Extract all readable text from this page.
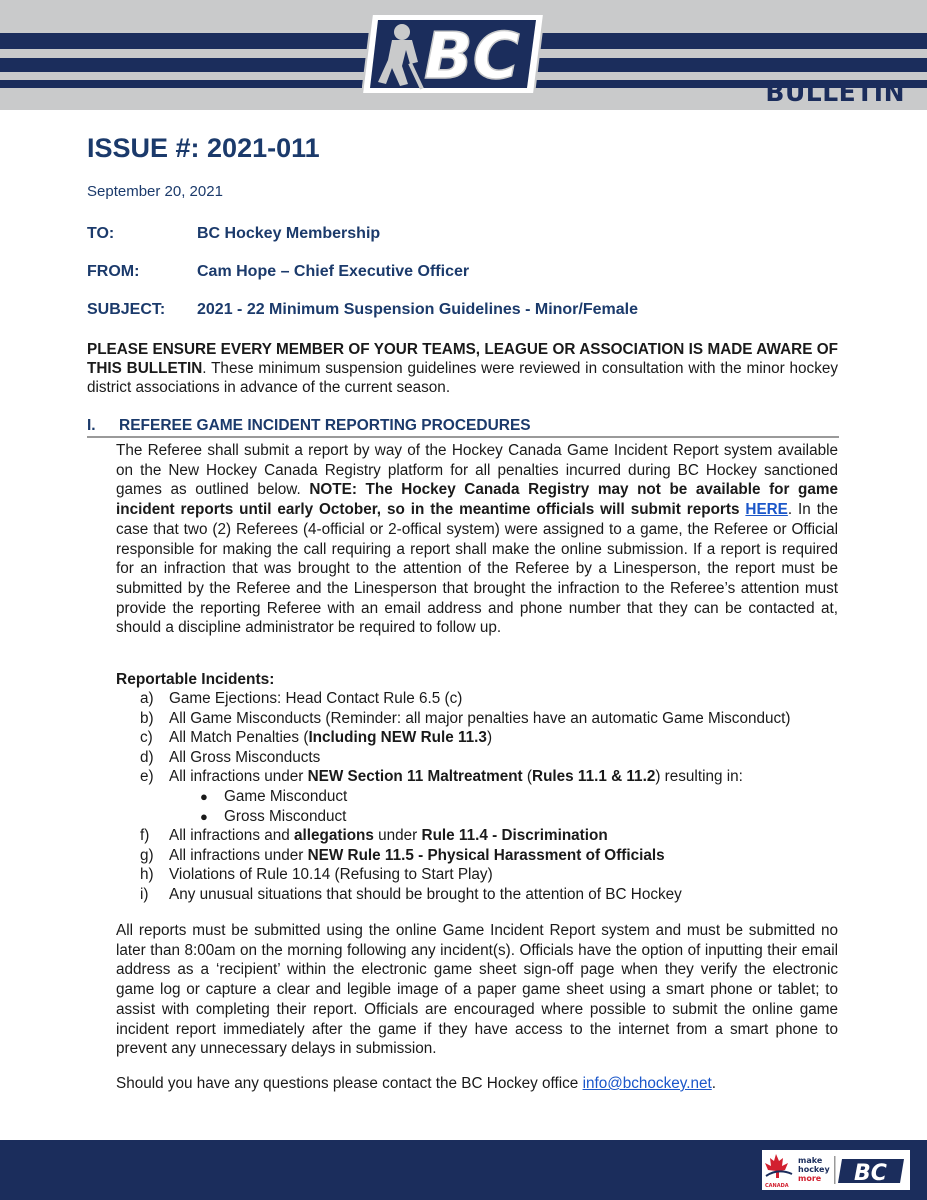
BC	BULLETIN
ISSUE #: 2021-011
September 20, 2021
TO:	BC Hockey Membership
FROM:	Cam Hope – Chief Executive Officer
SUBJECT: 2021 - 22 Minimum Suspension Guidelines - Minor/Female
PLEASE ENSURE EVERY MEMBER OF YOUR TEAMS, LEAGUE OR ASSOCIATION IS MADE AWARE OF THIS BULLETIN. These minimum suspension guidelines were reviewed in consultation with the minor hockey district associations in advance of the current season.
I. REFEREE GAME INCIDENT REPORTING PROCEDURES
The Referee shall submit a report by way of the Hockey Canada Game Incident Report system available on the New Hockey Canada Registry platform for all penalties incurred during BC Hockey sanctioned games as outlined below. NOTE: The Hockey Canada Registry may not be available for game incident reports until early October, so in the meantime officials will submit reports HERE. In the case that two (2) Referees (4-official or 2-offical system) were assigned to a game, the Referee or Official responsible for making the call requiring a report shall make the online submission. If a report is required for an infraction that was brought to the attention of the Referee by a Linesperson, the report must be submitted by the Referee and the Linesperson that brought the infraction to the Referee’s attention must provide the reporting Referee with an email address and phone number that they can be contacted at, should a discipline administrator be required to follow up.
Reportable Incidents:
a) Game Ejections: Head Contact Rule 6.5 (c)
b) All Game Misconducts (Reminder: all major penalties have an automatic Game Misconduct)
c) All Match Penalties (Including NEW Rule 11.3)
d) All Gross Misconducts
e) All infractions under NEW Section 11 Maltreatment (Rules 11.1 & 11.2) resulting in:
● Game Misconduct
● Gross Misconduct
f) All infractions and allegations under Rule 11.4 - Discrimination
g) All infractions under NEW Rule 11.5 - Physical Harassment of Officials
h) Violations of Rule 10.14 (Refusing to Start Play)
i) Any unusual situations that should be brought to the attention of BC Hockey
All reports must be submitted using the online Game Incident Report system and must be submitted no later than 8:00am on the morning following any incident(s). Officials have the option of inputting their email address as a ‘recipient’ within the electronic game sheet sign-off page when they verify the electronic game log or capture a clear and legible image of a paper game sheet using a smart phone or tablet; to assist with completing their report. Officials are encouraged where possible to submit the online game incident report immediately after the game if they have access to the internet from a smart phone to prevent any unnecessary delays in submission.
Should you have any questions please contact the BC Hockey office info@bchockey.net.
CANADA
make
hockey
more BC
